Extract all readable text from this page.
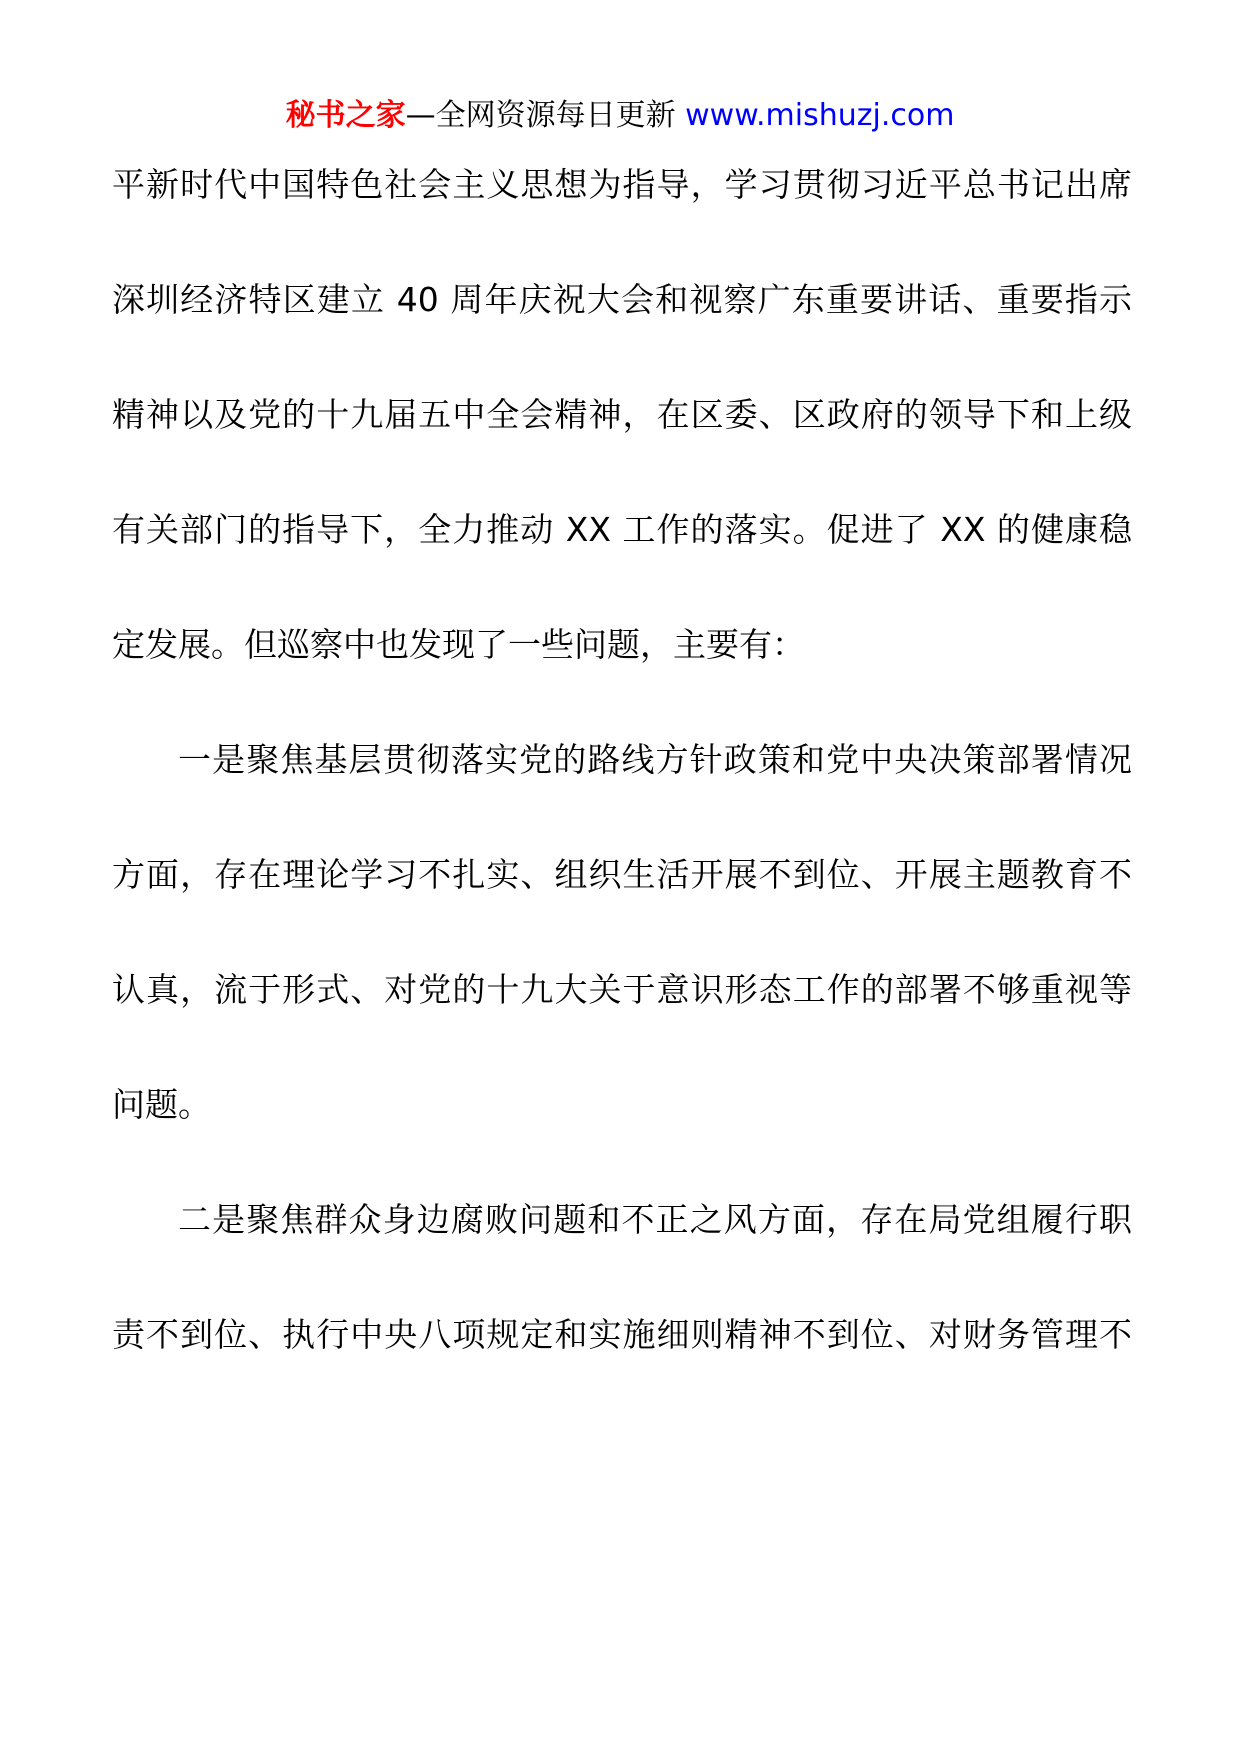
秘书之家—全网资源每日更新 www.mishuzj.com
平新时代中国特色社会主义思想为指导，学习贯彻习近平总书记出席
深圳经济特区建立 40 周年庆祝大会和视察广东重要讲话、重要指示
精神以及党的十九届五中全会精神，在区委、区政府的领导下和上级
有关部门的指导下，全力推动 XX 工作的落实。促进了 XX 的健康稳
定发展。但巡察中也发现了一些问题，主要有：
一是聚焦基层贯彻落实党的路线方针政策和党中央决策部署情况
方面，存在理论学习不扎实、组织生活开展不到位、开展主题教育不
认真，流于形式、对党的十九大关于意识形态工作的部署不够重视等
问题。
二是聚焦群众身边腐败问题和不正之风方面，存在局党组履行职
责不到位、执行中央八项规定和实施细则精神不到位、对财务管理不
